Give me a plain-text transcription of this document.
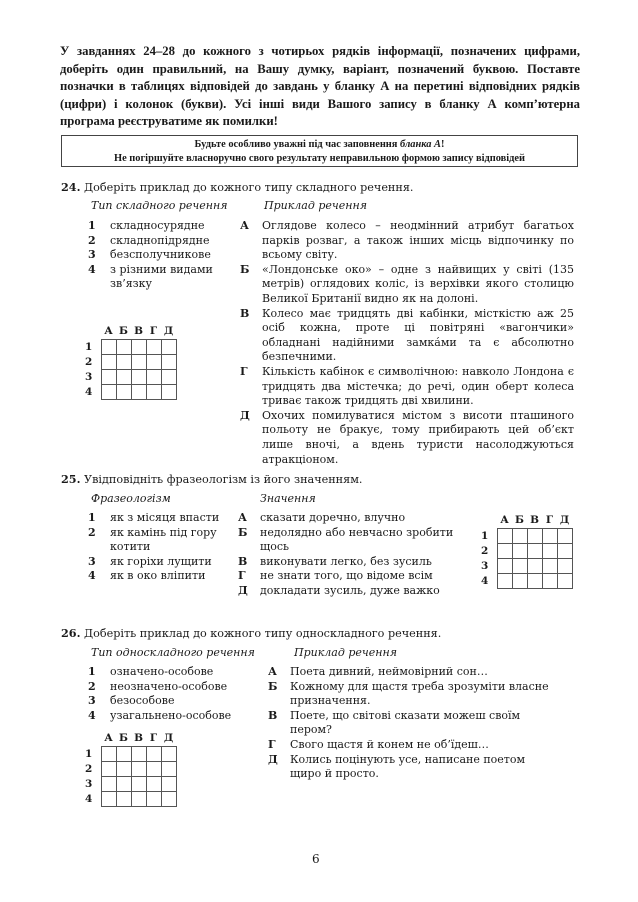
У завданнях 24–28 до кожного з чотирьох рядків інформації, позначених цифрами, доберіть один правильний, на Вашу думку, варіант, позначений буквою. Поставте позначки в таблицях відповідей до завдань у бланку А на перетині відповідних рядків (цифри) і колонок (букви). Усі інші види Вашого запису в бланку А комп’ютерна програма реєструватиме як помилки!
Будьте особливо уважні під час заповнення бланка А!
Не погіршуйте власноручно свого результату неправильною формою запису відповідей
24. Доберіть приклад до кожного типу складного речення.
Тип складного речення	Приклад речення
1	складносурядне
2	складнопідрядне
3	безсполучникове
4	з різними видами зв’язку
А	Оглядове колесо – неодмінний атрибут багатьох парків розваг, а також інших місць відпочинку по всьому світу.
Б	«Лондонське око» – одне з найвищих у світі (135 метрів) оглядових коліс, із верхівки якого столицю Великої Британії видно як на долоні.
В	Колесо має тридцять дві кабінки, місткістю аж 25 осіб кожна, проте ці повітряні «вагончики» обладнані надійними замка́ми та є абсолютно безпечними.
Г	Кількість кабінок є символічною: навколо Лондона є тридцять два містечка; до речі, один оберт колеса триває також тридцять дві хвилини.
Д	Охочих помилуватися містом з висоти пташиного польоту не бракує, тому прибирають цей об’єкт лише вночі, а вдень туристи насолоджуються атракціоном.
	А	Б	В	Г	Д
1					
2					
3					
4					
25. Увідповідніть фразеологізм із його значенням.
Фразеологізм	Значення
1	як з місяця впасти
2	як камінь під гору котити
3	як горіхи лущити
4	як в око вліпити
А	сказати доречно, влучно
Б	недолядно або невчасно зробити щось
В	виконувати легко, без зусиль
Г	не знати того, що відоме всім
Д	докладати зусиль, дуже важко
	А	Б	В	Г	Д
1					
2					
3					
4					
26. Доберіть приклад до кожного типу односкладного речення.
Тип односкладного речення	Приклад речення
1	означено-особове
2	неозначено-особове
3	безособове
4	узагальнено-особове
А	Поета дивний, неймовірний сон…
Б	Кожному для щастя треба зрозуміти власне призначення.
В	Поете, що світові сказати можеш своїм пером?
Г	Свого щастя й конем не об’їдеш…
Д	Колись поцінують усе, написане поетом щиро й просто.
	А	Б	В	Г	Д
1					
2					
3					
4					
6
